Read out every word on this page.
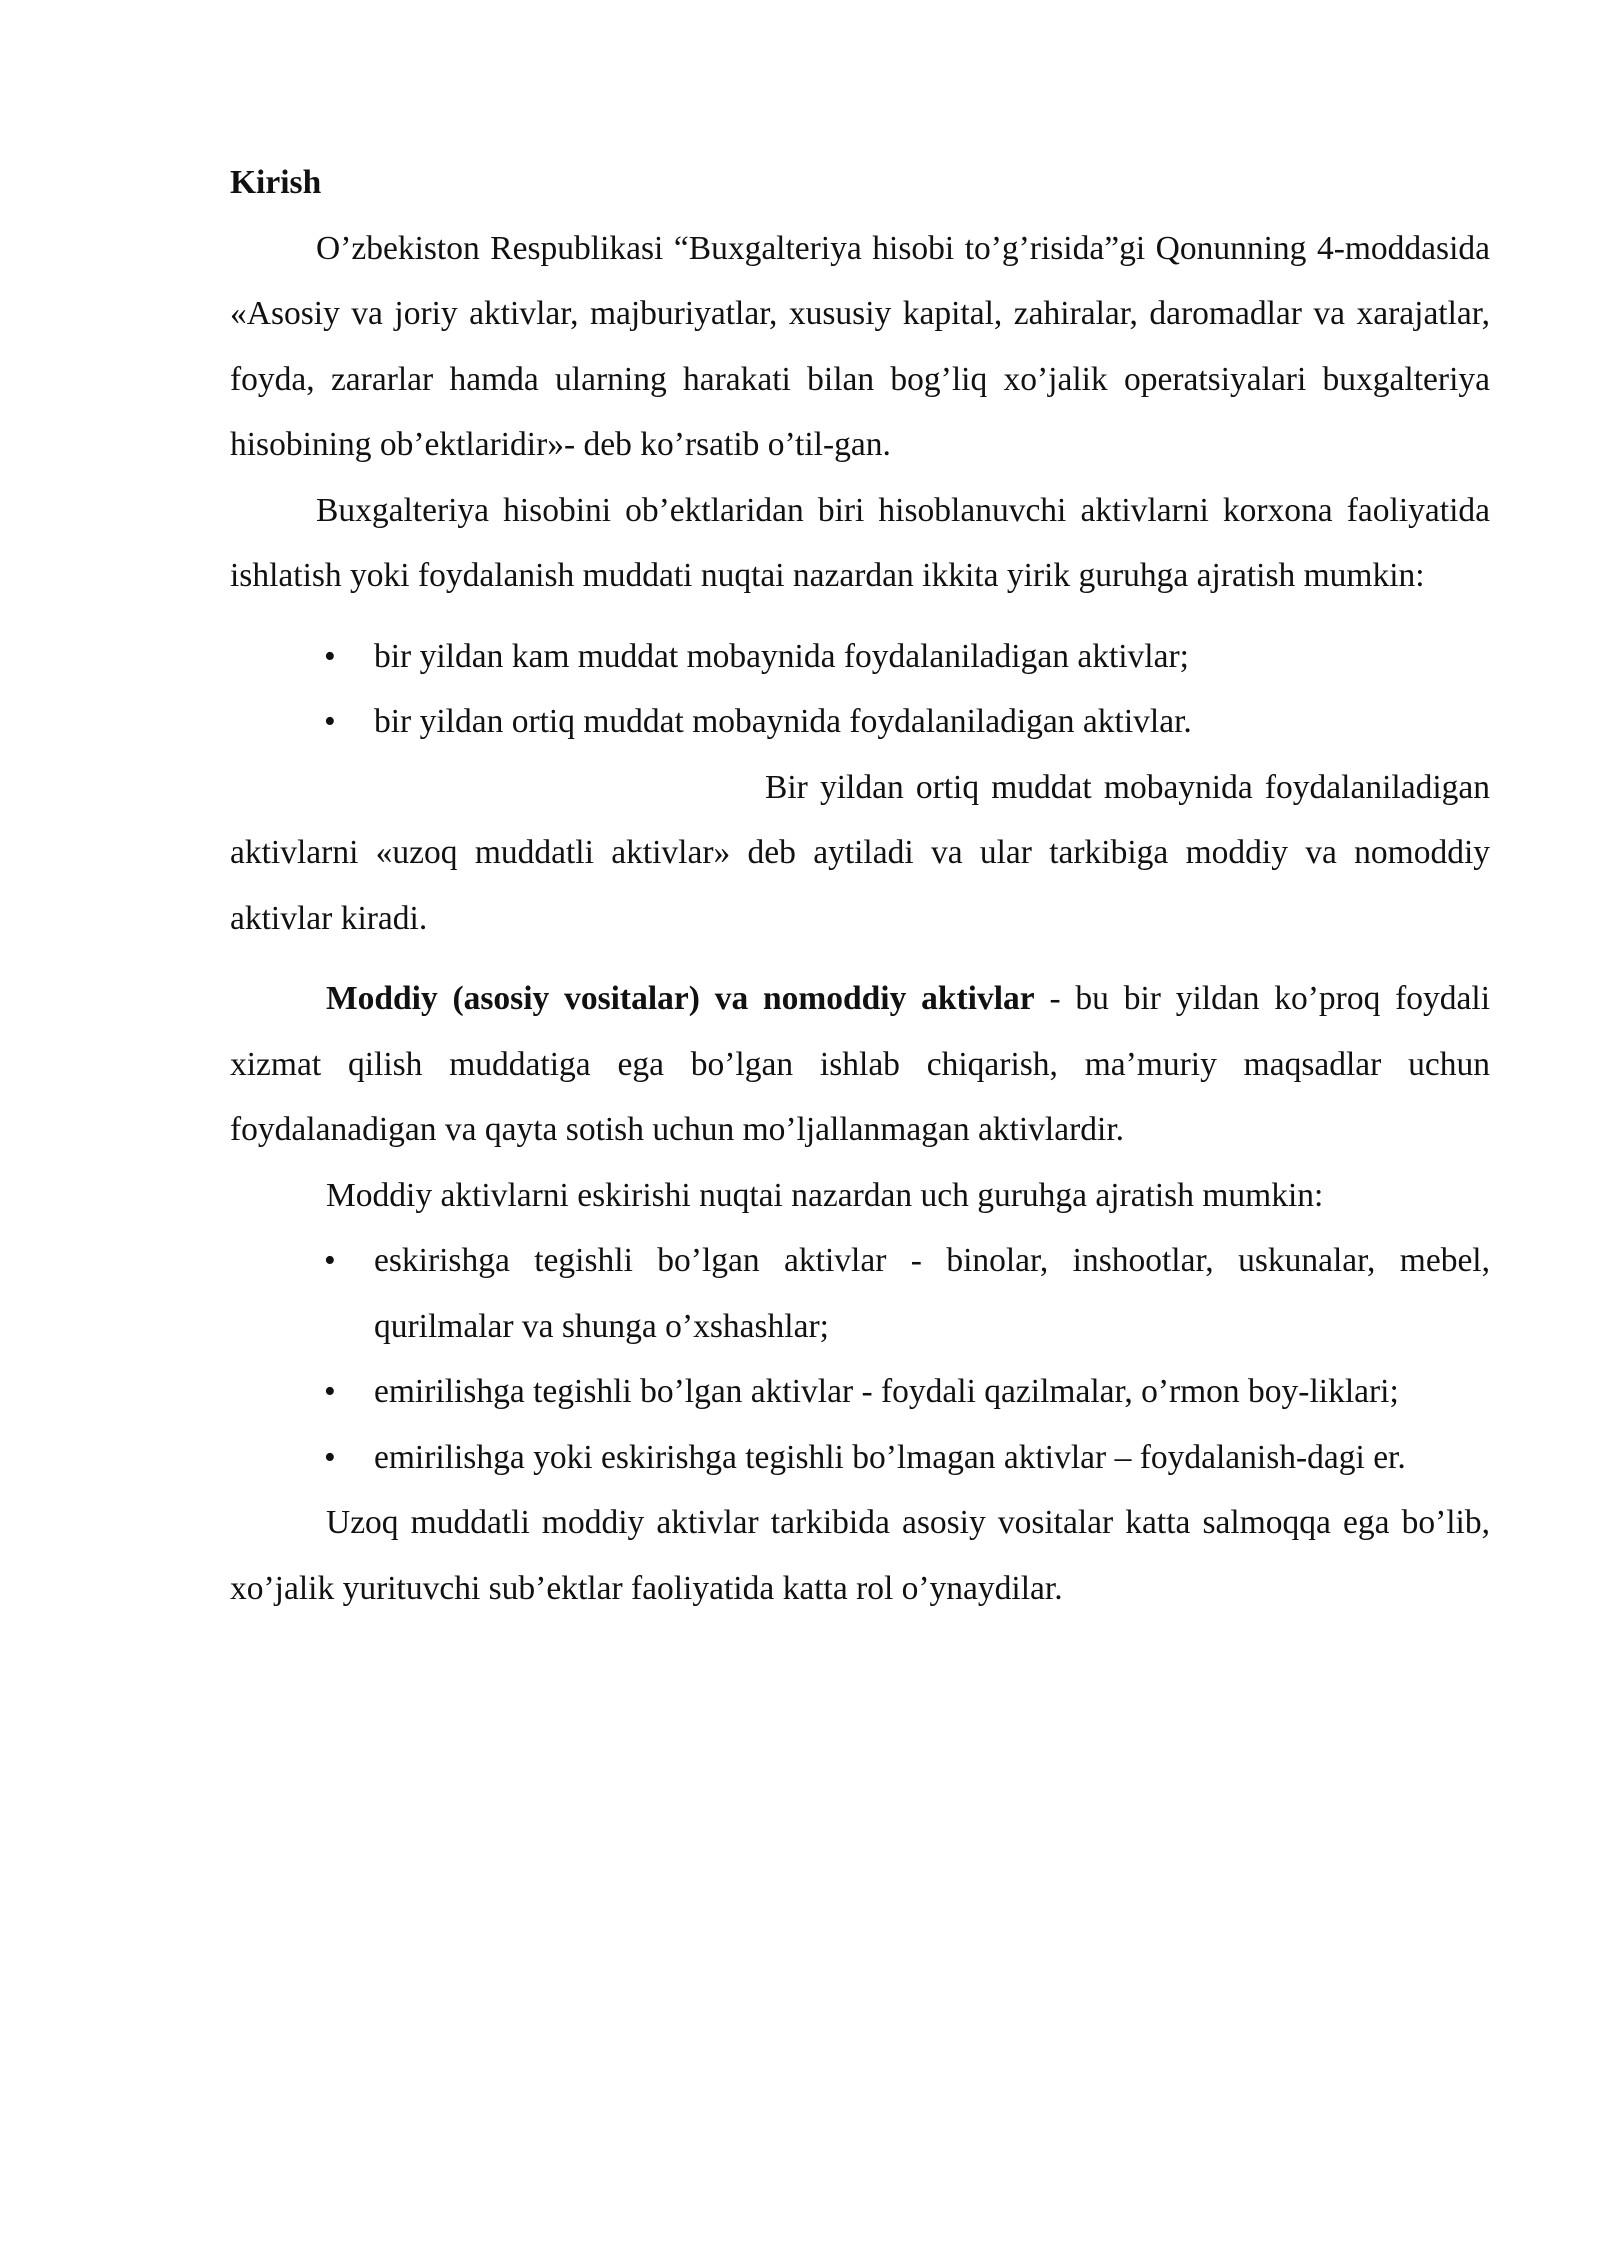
Kirish

O’zbekiston Respublikasi “Buxgalteriya hisobi to’g’risida”gi Qonunning 4-moddasida «Asosiy va joriy aktivlar, majburiyatlar, xususiy kapital, zahiralar, daromadlar va xarajatlar, foyda, zararlar hamda ularning harakati bilan bog’liq xo’jalik operatsiyalari buxgalteriya hisobining ob’ektlaridir»- deb ko’rsatib o’til-gan.

Buxgalteriya hisobini ob’ektlaridan biri hisoblanuvchi aktivlarni korxona faoliyatida ishlatish yoki foydalanish muddati nuqtai nazardan ikkita yirik guruhga ajratish mumkin:

• bir yildan kam muddat mobaynida foydalaniladigan aktivlar;
• bir yildan ortiq muddat mobaynida foydalaniladigan aktivlar.

Bir yildan ortiq muddat mobaynida foydalaniladigan aktivlarni «uzoq muddatli aktivlar» deb aytiladi va ular tarkibiga moddiy va nomoddiy aktivlar kiradi.

Moddiy (asosiy vositalar) va nomoddiy aktivlar - bu bir yildan ko’proq foydali xizmat qilish muddatiga ega bo’lgan ishlab chiqarish, ma’muriy maqsadlar uchun foydalanadigan va qayta sotish uchun mo’ljallanmagan aktivlardir.

Moddiy aktivlarni eskirishi nuqtai nazardan uch guruhga ajratish mumkin:

• eskirishga tegishli bo’lgan aktivlar - binolar, inshootlar, uskunalar, mebel, qurilmalar va shunga o’xshashlar;
• emirilishga tegishli bo’lgan aktivlar - foydali qazilmalar, o’rmon boy-liklari;
• emirilishga yoki eskirishga tegishli bo’lmagan aktivlar – foydalanish-dagi er.

Uzoq muddatli moddiy aktivlar tarkibida asosiy vositalar katta salmoqqa ega bo’lib, xo’jalik yurituvchi sub’ektlar faoliyatida katta rol o’ynaydilar.
